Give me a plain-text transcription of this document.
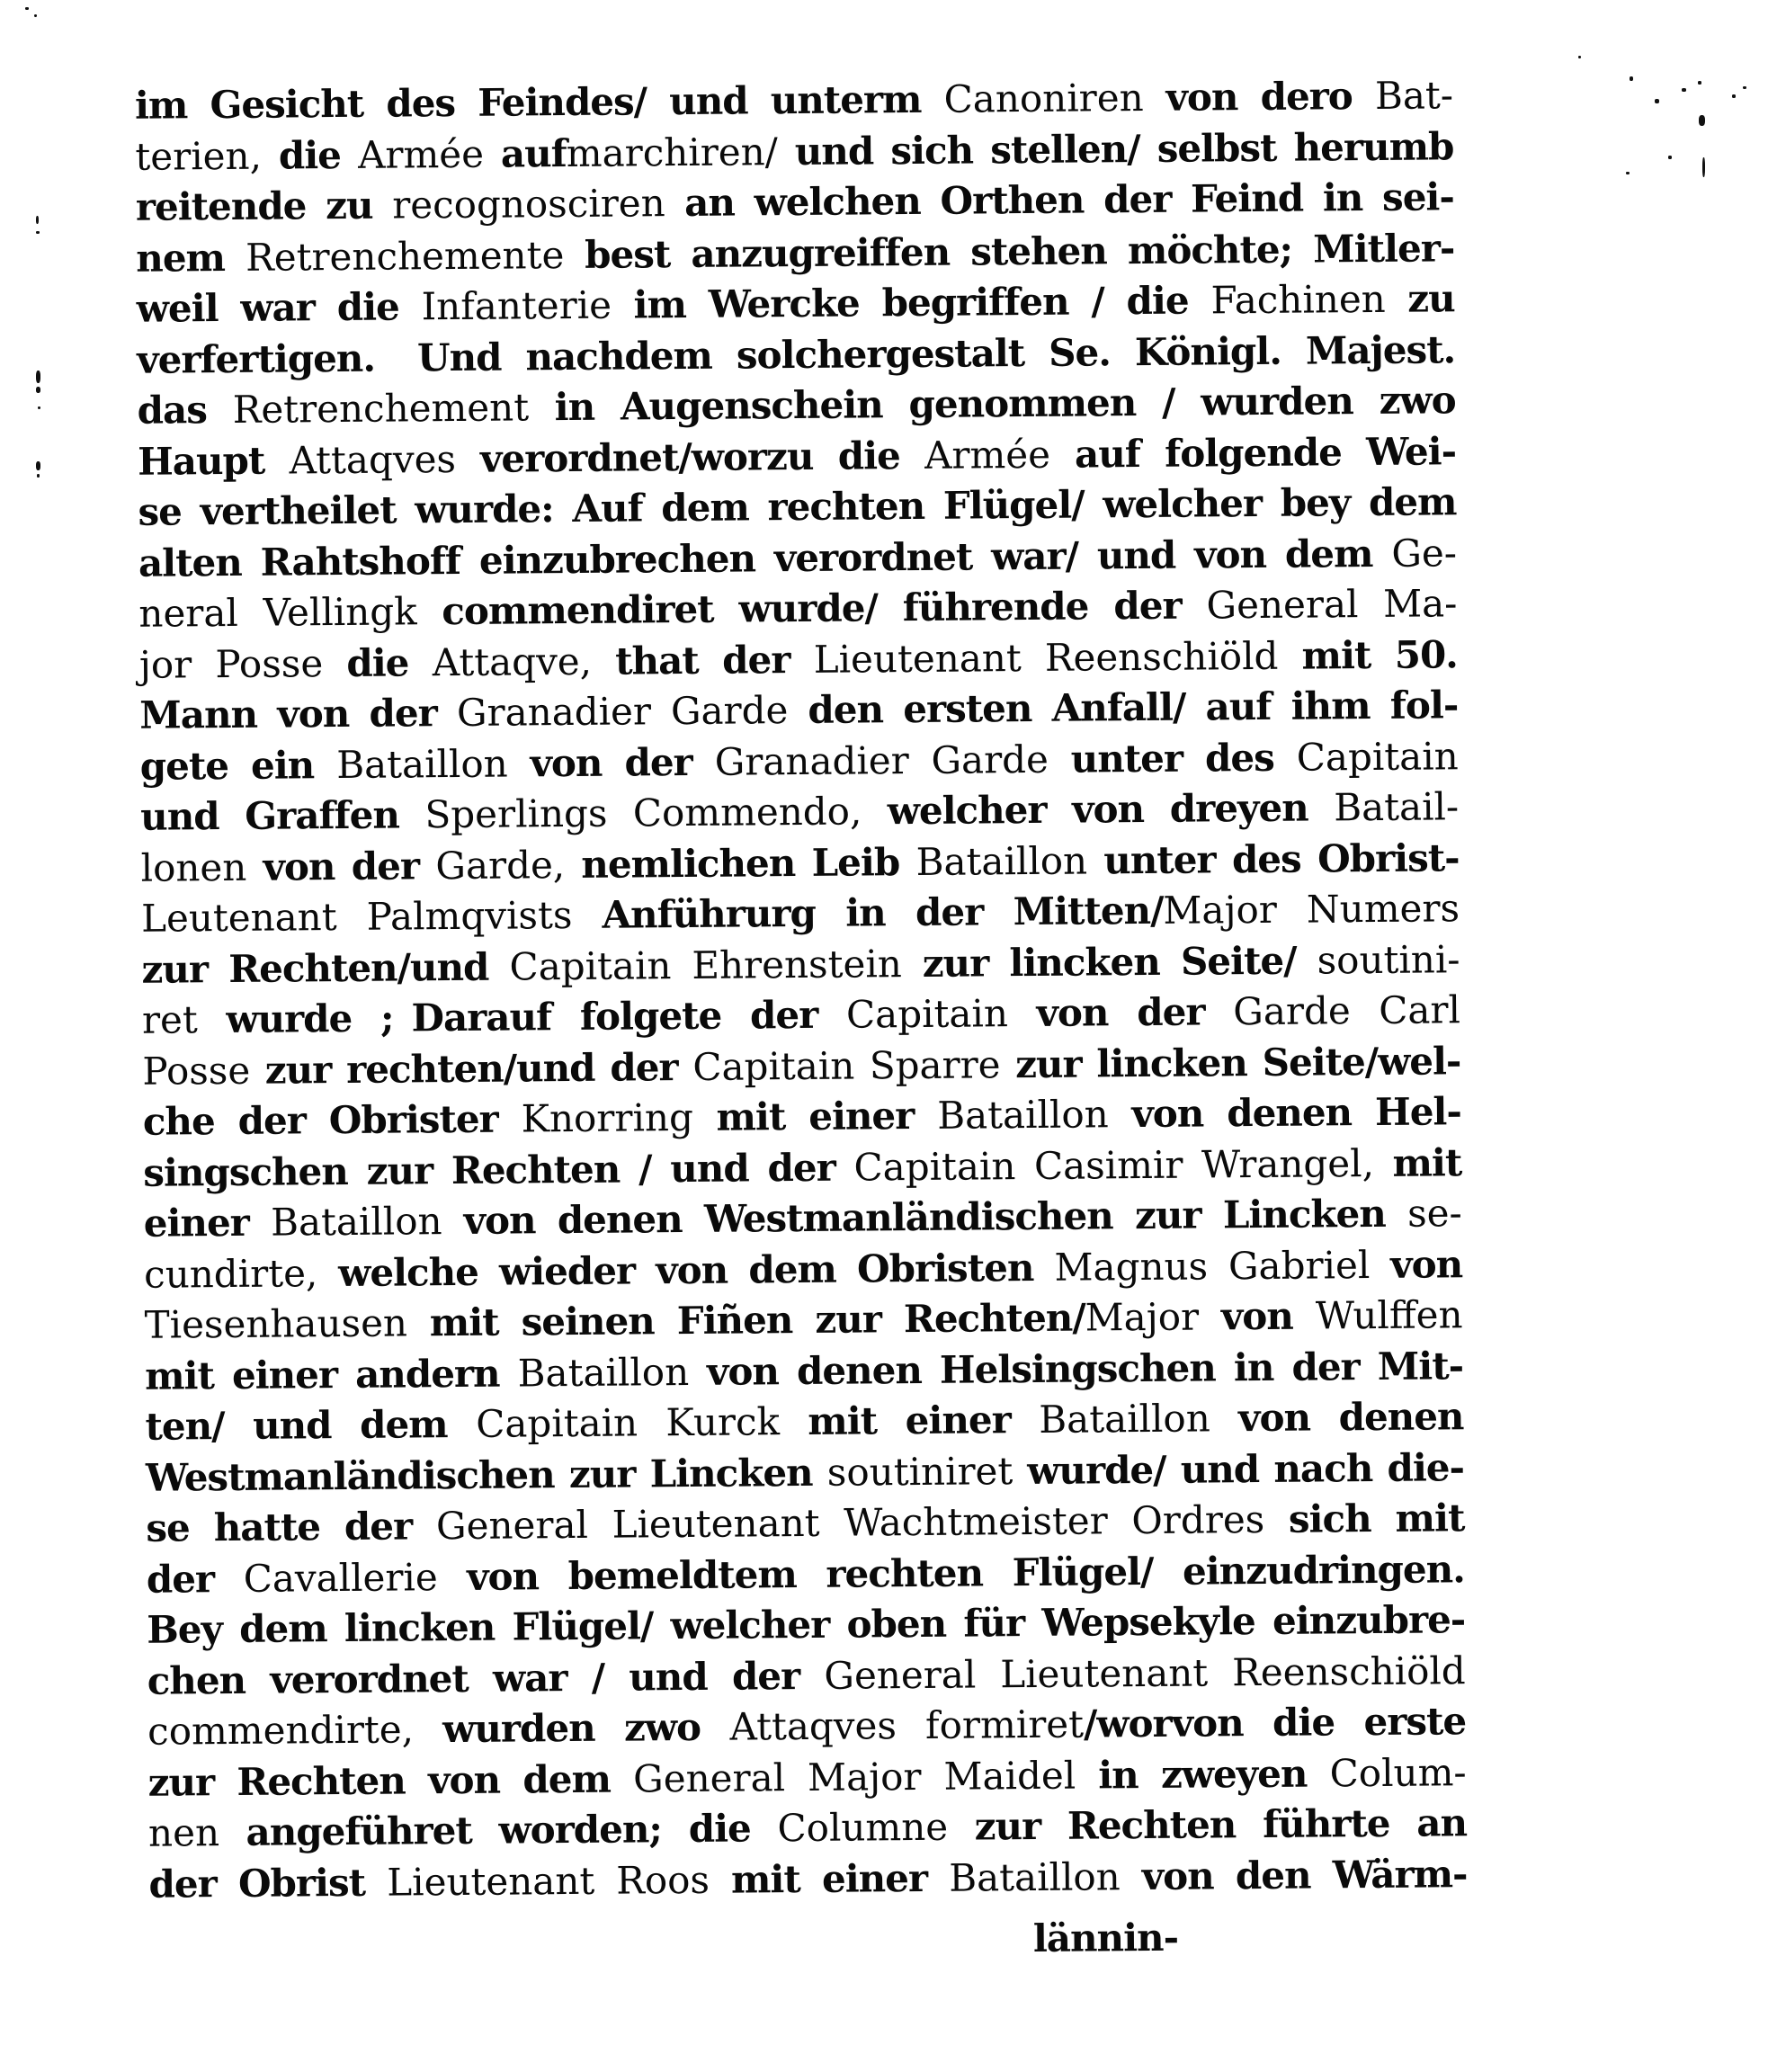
im Gesicht des Feindes/ und unterm Canoniren von dero Bat-
terien, die Armée aufmarchiren/ und sich stellen/ selbst herumb
reitende zu recognosciren an welchen Orthen der Feind in sei-
nem Retrenchemente best anzugreiffen stehen möchte; Mitler-
weil war die Infanterie im Wercke begriffen / die Fachinen zu
verfertigen.  Und nachdem solchergestalt Se. Königl. Majest.
das Retrenchement in Augenschein genommen / wurden zwo
Haupt Attaqves verordnet/worzu die Armée auf folgende Wei-
se vertheilet wurde: Auf dem rechten Flügel/ welcher bey dem
alten Rahtshoff einzubrechen verordnet war/ und von dem Ge-
neral Vellingk commendiret wurde/ führende der General Ma-
jor Posse die Attaqve, that der Lieutenant Reenschiöld mit 50.
Mann von der Granadier Garde den ersten Anfall/ auf ihm fol-
gete ein Bataillon von der Granadier Garde unter des Capitain
und Graffen Sperlings Commendo, welcher von dreyen Batail-
lonen von der Garde, nemlichen Leib Bataillon unter des Obrist-
Leutenant Palmqvists Anführurg in der Mitten/Major Numers
zur Rechten/und Capitain Ehrenstein zur lincken Seite/ soutini-
ret wurde ; Darauf folgete der Capitain von der Garde Carl
Posse zur rechten/und der Capitain Sparre zur lincken Seite/wel-
che der Obrister Knorring mit einer Bataillon von denen Hel-
singschen zur Rechten / und der Capitain Casimir Wrangel, mit
einer Bataillon von denen Westmanländischen zur Lincken se-
cundirte, welche wieder von dem Obristen Magnus Gabriel von
Tiesenhausen mit seinen Fiñen zur Rechten/Major von Wulffen
mit einer andern Bataillon von denen Helsingschen in der Mit-
ten/ und dem Capitain Kurck mit einer Bataillon von denen
Westmanländischen zur Lincken soutiniret wurde/ und nach die-
se hatte der General Lieutenant Wachtmeister Ordres sich mit
der Cavallerie von bemeldtem rechten Flügel/ einzudringen.
Bey dem lincken Flügel/ welcher oben für Wepsekyle einzubre-
chen verordnet war / und der General Lieutenant Reenschiöld
commendirte, wurden zwo Attaqves formiret/worvon die erste
zur Rechten von dem General Major Maidel in zweyen Colum-
nen angeführet worden; die Columne zur Rechten führte an
der Obrist Lieutenant Roos mit einer Bataillon von den Wärm-
lännin-
